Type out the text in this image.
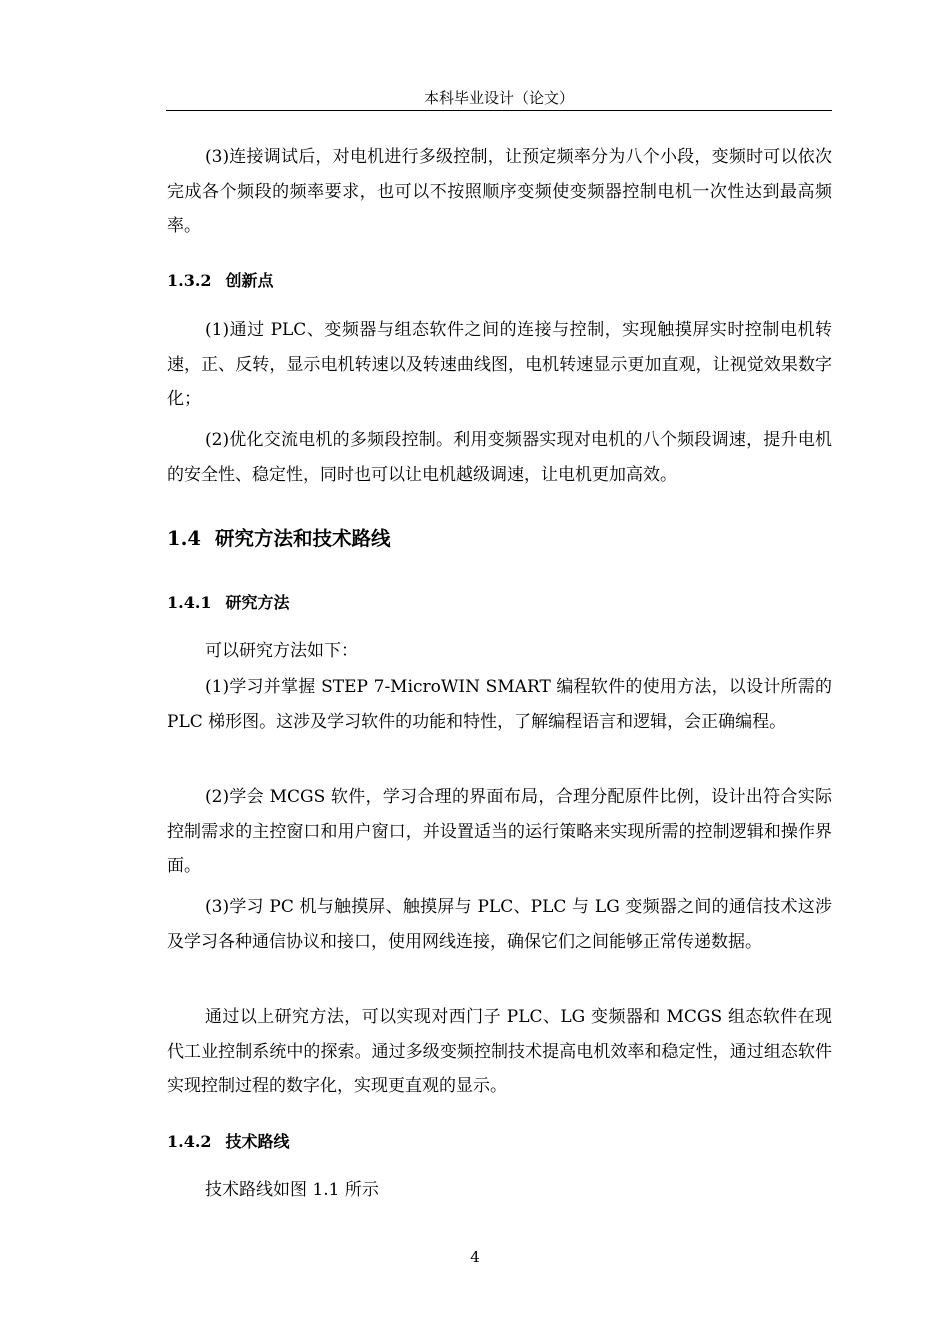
本科毕业设计（论文）

(3)连接调试后，对电机进行多级控制，让预定频率分为八个小段，变频时可以依次完成各个频段的频率要求，也可以不按照顺序变频使变频器控制电机一次性达到最高频率。

1.3.2 创新点

(1)通过 PLC、变频器与组态软件之间的连接与控制，实现触摸屏实时控制电机转速，正、反转，显示电机转速以及转速曲线图，电机转速显示更加直观，让视觉效果数字化；

(2)优化交流电机的多频段控制。利用变频器实现对电机的八个频段调速，提升电机的安全性、稳定性，同时也可以让电机越级调速，让电机更加高效。

1.4 研究方法和技术路线
1.4.1 研究方法

可以研究方法如下：

(1)学习并掌握 STEP 7-MicroWIN SMART 编程软件的使用方法，以设计所需的 PLC 梯形图。这涉及学习软件的功能和特性，了解编程语言和逻辑，会正确编程。

(2)学会 MCGS 软件，学习合理的界面布局，合理分配原件比例，设计出符合实际控制需求的主控窗口和用户窗口，并设置适当的运行策略来实现所需的控制逻辑和操作界面。

(3)学习 PC 机与触摸屏、触摸屏与 PLC、PLC 与 LG 变频器之间的通信技术这涉及学习各种通信协议和接口，使用网线连接，确保它们之间能够正常传递数据。

通过以上研究方法，可以实现对西门子 PLC、LG 变频器和 MCGS 组态软件在现代工业控制系统中的探索。通过多级变频控制技术提高电机效率和稳定性，通过组态软件实现控制过程的数字化，实现更直观的显示。

1.4.2 技术路线

技术路线如图 1.1 所示

4
